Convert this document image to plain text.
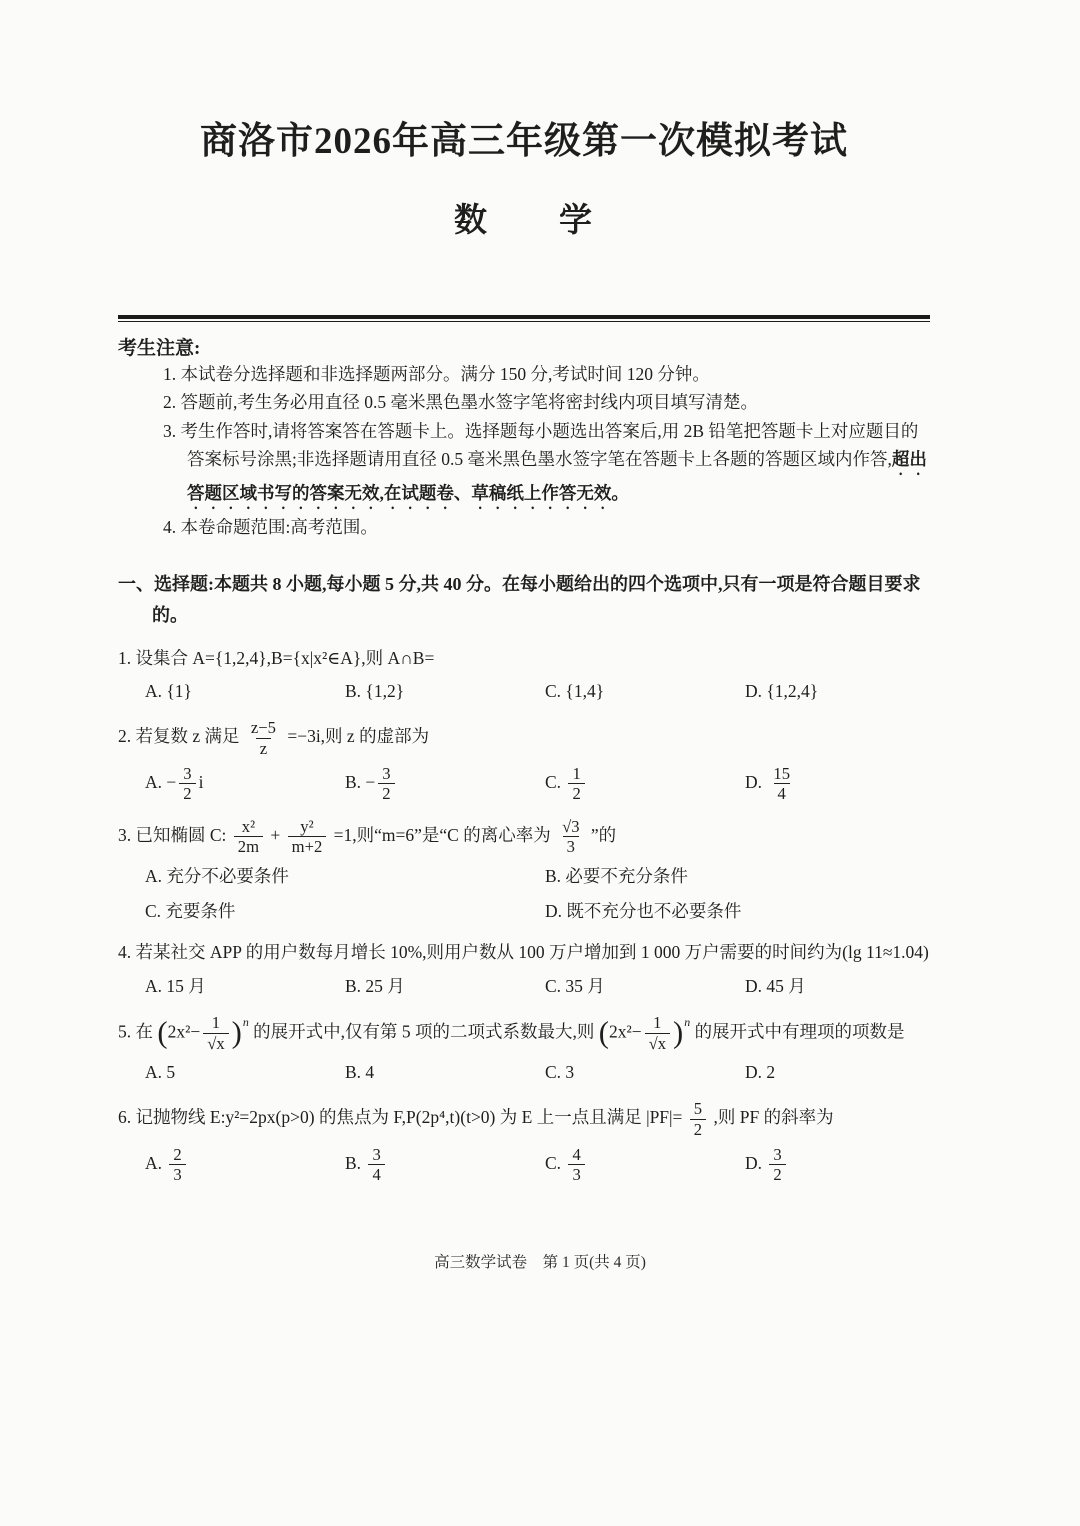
商洛市2026年高三年级第一次模拟考试
数　　学
考生注意:
1. 本试卷分选择题和非选择题两部分。满分 150 分,考试时间 120 分钟。
2. 答题前,考生务必用直径 0.5 毫米黑色墨水签字笔将密封线内项目填写清楚。
3. 考生作答时,请将答案答在答题卡上。选择题每小题选出答案后,用 2B 铅笔把答题卡上对应题目的答案标号涂黑;非选择题请用直径 0.5 毫米黑色墨水签字笔在答题卡上各题的答题区域内作答,超出答题区域书写的答案无效,在试题卷、草稿纸上作答无效。
4. 本卷命题范围:高考范围。
一、选择题:本题共 8 小题,每小题 5 分,共 40 分。在每小题给出的四个选项中,只有一项是符合题目要求的。
1. 设集合 A={1,2,4},B={x|x²∈A},则 A∩B=
A. {1}	B. {1,2}	C. {1,4}	D. {1,2,4}
2. 若复数 z 满足 $\frac{z-5}{z} =-3i$,则 z 的虚部为
A. − $\frac{3}{2}$ i	B. − $\frac{3}{2}$	C. $\frac{1}{2}$	D. $\frac{15}{4}$
3. 已知椭圆 C: $\frac{\text{x²}}{2m} + \frac{\text{y²}}{m+2} =1$,则“m=6”是“C 的离心率为 $\frac{√3}{3}$ ”的
A. 充分不必要条件	B. 必要不充分条件
C. 充要条件	D. 既不充分也不必要条件
4. 若某社交 APP 的用户数每月增长 10%,则用户数从 100 万户增加到 1 000 万户需要的时间约为(lg 11≈1.04)
A. 15 月	B. 25 月	C. 35 月	D. 45 月
5. 在 $(2x^2- \frac{1}{√x} )^n$ 的展开式中,仅有第 5 项的二项式系数最大,则 $(2x^2- \frac{1}{√x} )^n$ 的展开式中有理项的项数是
A. 5	B. 4	C. 3	D. 2
6. 记抛物线 E:y²=2px(p>0) 的焦点为 F,P(2p⁴,t)(t>0) 为 E 上一点且满足 $|PF|= \frac{5}{2}$ ,则 PF 的斜率为
A. $\frac{2}{3}$	B. $\frac{3}{4}$	C. $\frac{4}{3}$	D. $\frac{3}{2}$
高三数学试卷　第 1 页(共 4 页)
